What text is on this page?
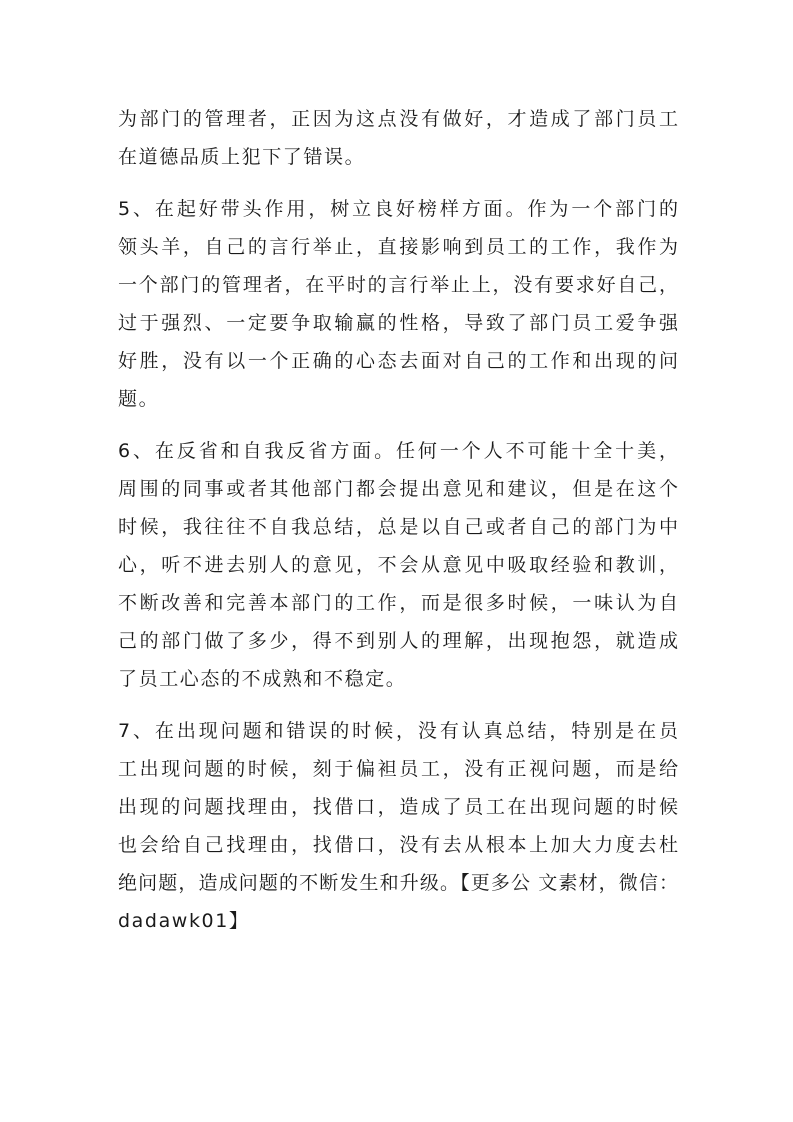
为部门的管理者，正因为这点没有做好，才造成了部门员工
在道德品质上犯下了错误。
5、在起好带头作用，树立良好榜样方面。作为一个部门的
领头羊，自己的言行举止，直接影响到员工的工作，我作为
一个部门的管理者，在平时的言行举止上，没有要求好自己，
过于强烈、一定要争取输赢的性格，导致了部门员工爱争强
好胜，没有以一个正确的心态去面对自己的工作和出现的问
题。
6、在反省和自我反省方面。任何一个人不可能十全十美，
周围的同事或者其他部门都会提出意见和建议，但是在这个
时候，我往往不自我总结，总是以自己或者自己的部门为中
心，听不进去别人的意见，不会从意见中吸取经验和教训，
不断改善和完善本部门的工作，而是很多时候，一味认为自
己的部门做了多少，得不到别人的理解，出现抱怨，就造成
了员工心态的不成熟和不稳定。
7、在出现问题和错误的时候，没有认真总结，特别是在员
工出现问题的时候，刻于偏袒员工，没有正视问题，而是给
出现的问题找理由，找借口，造成了员工在出现问题的时候
也会给自己找理由，找借口，没有去从根本上加大力度去杜
绝问题，造成问题的不断发生和升级。【更多公 文素材，微信：
dadawk01】
